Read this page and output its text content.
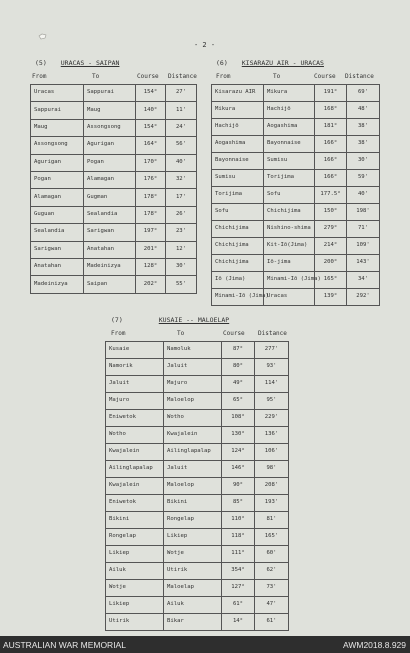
- 2 -
(5) URACAS - SAIPAN
From	To	Course	Distance
Uracas	Sappurai	154°	27'
Sappurai	Maug	140°	11'
Maug	Assongsong	154°	24'
Assongsong	Agurigan	164°	56'
Agurigan	Pogan	170°	40'
Pogan	Alamagan	176°	32'
Alamagan	Gugman	178°	17'
Guguan	Sealandia	178°	26'
Sealandia	Sarigwan	197°	23'
Sarigwan	Anatahan	201°	12'
Anatahan	Madeinizya	128°	30'
Madeinizya	Saipan	202°	55'
(6) KISARAZU AIR - URACAS
From	To	Course	Distance
Kisarazu AIR	Mikura	191°	69'
Mikura	Hachijō	168°	48'
Hachijō	Aogashima	181°	38'
Aogashima	Bayonnaise	166°	38'
Bayonnaise	Sumisu	166°	30'
Sumisu	Torijima	166°	59'
Torijima	Sofu	177.5°	40'
Sofu	Chichijima	150°	198'
Chichijima	Nishino-shima	279°	71'
Chichijima	Kit-Iō(Jima)	214°	109'
Chichijima	Iō-jima	200°	143'
Iō (Jima)	Minami-Iō (Jima)	165°	34'
Minami-Iō (Jima)	Uracas	139°	292'
(7)	KUSAIE -- MALOELAP
From	To	Course	Distance
Kusaie	Namoluk	87°	277'
Namorik	Jaluit	80°	93'
Jaluit	Majuro	49°	114'
Majuro	Maloelop	65°	95'
Eniwetok	Wotho	108°	229'
Wotho	Kwajalein	130°	136'
Kwajalein	Ailinglapalap	124°	106'
Ailinglapalap	Jaluit	146°	98'
Kwajalein	Maloelop	90°	208'
Eniwetok	Bikini	85°	193'
Bikini	Rongelap	110°	81'
Rongelap	Likiep	118°	165'
Likiep	Wotje	111°	60'
Ailuk	Utirik	354°	62'
Wotje	Maloelap	127°	73'
Likiep	Ailuk	61°	47'
Utirik	Bikar	14°	61'
AUSTRALIAN WAR MEMORIAL	AWM2018.8.929
